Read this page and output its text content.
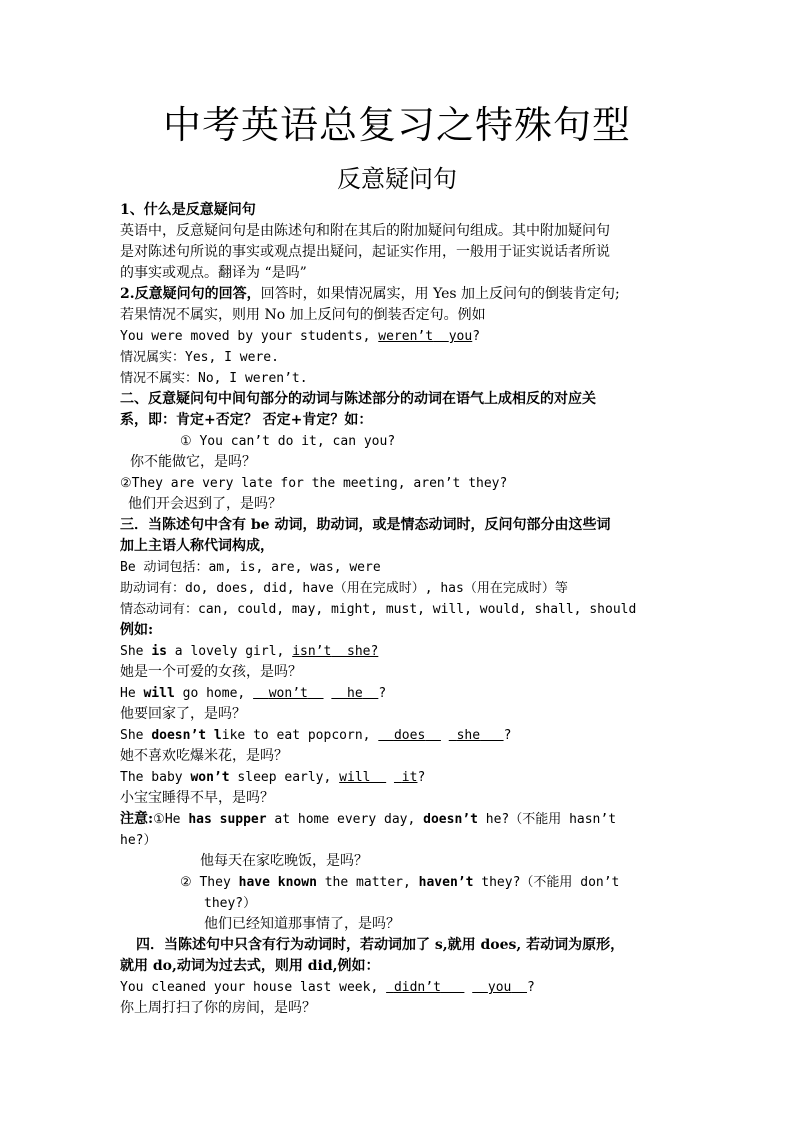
中考英语总复习之特殊句型
反意疑问句
1、什么是反意疑问句
英语中，反意疑问句是由陈述句和附在其后的附加疑问句组成。其中附加疑问句
是对陈述句所说的事实或观点提出疑问，起证实作用，一般用于证实说话者所说
的事实或观点。翻译为 “是吗”
2.反意疑问句的回答，回答时，如果情况属实，用 Yes 加上反问句的倒装肯定句;
若果情况不属实，则用 No 加上反问句的倒装否定句。例如
You were moved by your students, weren’t you?
情况属实：Yes, I were.
情况不属实：No, I weren’t.
二、反意疑问句中间句部分的动词与陈述部分的动词在语气上成相反的对应关
系，即：肯定+否定？ 否定+肯定？如：
① You can’t do it, can you?
你不能做它，是吗？
②They are very late for the meeting, aren’t they?
他们开会迟到了，是吗？
三．当陈述句中含有 be 动词，助动词，或是情态动词时，反问句部分由这些词
加上主语人称代词构成，
Be 动词包括：am, is, are, was, were
助动词有：do, does, did, have（用在完成时）, has（用在完成时）等
情态动词有：can, could, may, might, must, will, would, shall, should
例如:
She is a lovely girl, isn’t she?
她是一个可爱的女孩，是吗？
He will go home,   won’t	he ?
他要回家了，是吗？
She doesn’t like to eat popcorn,   does she ?
她不喜欢吃爆米花，是吗？
The baby won’t sleep early, will it?
小宝宝睡得不早，是吗？
注意:①He has supper at home every day, doesn’t he?（不能用 hasn’t
he?）
他每天在家吃晚饭，是吗？
② They have known the matter, haven’t they?（不能用 don’t
they?）
他们已经知道那事情了，是吗？
四．当陈述句中只含有行为动词时，若动词加了 s,就用 does, 若动词为原形，
就用 do,动词为过去式，则用 did,例如：
You cleaned your house last week,  didn’t	you ?
你上周打扫了你的房间，是吗？
